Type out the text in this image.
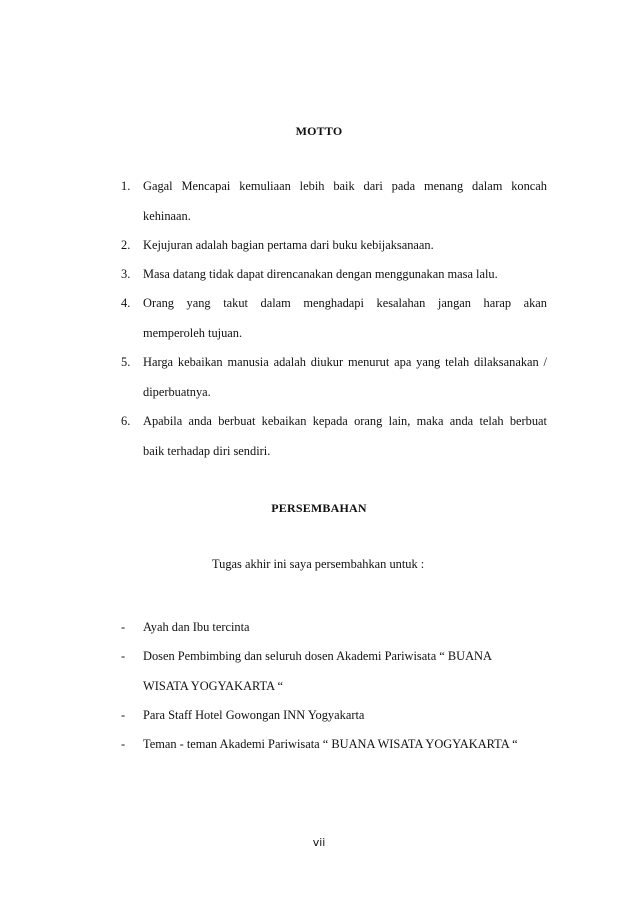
MOTTO
1. Gagal Mencapai kemuliaan lebih baik dari pada menang dalam koncah
kehinaan.
2. Kejujuran adalah bagian pertama dari buku kebijaksanaan.
3. Masa datang tidak dapat direncanakan dengan menggunakan masa lalu.
4. Orang yang takut dalam menghadapi kesalahan jangan harap akan
memperoleh tujuan.
5. Harga kebaikan manusia adalah diukur menurut apa yang telah dilaksanakan /
diperbuatnya.
6. Apabila anda berbuat kebaikan kepada orang lain, maka anda telah berbuat
baik terhadap diri sendiri.
PERSEMBAHAN
Tugas akhir ini saya persembahkan untuk :
- Ayah dan Ibu tercinta
- Dosen Pembimbing dan seluruh dosen Akademi Pariwisata “ BUANA
WISATA YOGYAKARTA “
- Para Staff Hotel Gowongan INN Yogyakarta
- Teman - teman Akademi Pariwisata “ BUANA WISATA YOGYAKARTA “
vii
